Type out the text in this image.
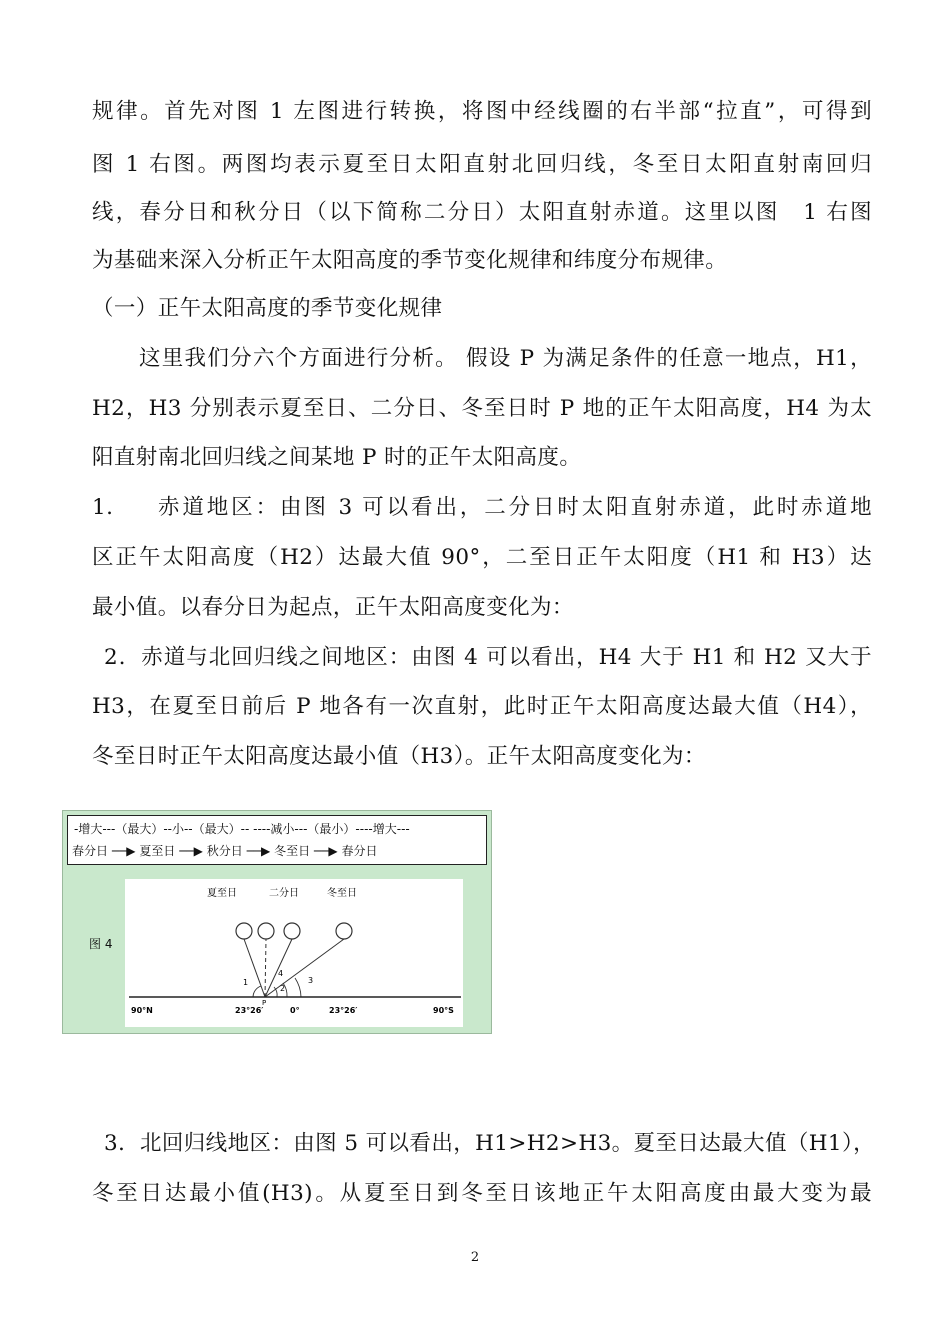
规律。首先对图 1 左图进行转换，将图中经线圈的右半部“拉直”，可得到
图 1 右图。两图均表示夏至日太阳直射北回归线，冬至日太阳直射南回归
线，春分日和秋分日（以下简称二分日）太阳直射赤道。这里以图　1 右图
为基础来深入分析正午太阳高度的季节变化规律和纬度分布规律。
（一）正午太阳高度的季节变化规律
这里我们分六个方面进行分析。 假设 P 为满足条件的任意一地点，H1，
H2，H3 分别表示夏至日、二分日、冬至日时 P 地的正午太阳高度，H4 为太
阳直射南北回归线之间某地 P 时的正午太阳高度。
1.	赤道地区：由图 3 可以看出，二分日时太阳直射赤道，此时赤道地
区正午太阳高度（H2）达最大值 90°，二至日正午太阳度（H1 和 H3）达
最小值。以春分日为起点，正午太阳高度变化为：
2．赤道与北回归线之间地区：由图 4 可以看出，H4 大于 H1 和 H2 又大于
H3，在夏至日前后 P 地各有一次直射，此时正午太阳高度达最大值（H4），
冬至日时正午太阳高度达最小值（H3）。正午太阳高度变化为：
-增大---（最大）--小--（最大）-- ----减小---（最小）----增大---
春分日 ──▶ 夏至日 ──▶ 秋分日 ──▶ 冬至日 ──▶ 春分日
图 4
夏至日	二分日	冬至日
1
4
2
3
P
90°N	23°26′	0°	23°26′	90°S
3．北回归线地区：由图 5 可以看出，H1>H2>H3。夏至日达最大值（H1），
冬至日达最小值(H3)。从夏至日到冬至日该地正午太阳高度由最大变为最
2
